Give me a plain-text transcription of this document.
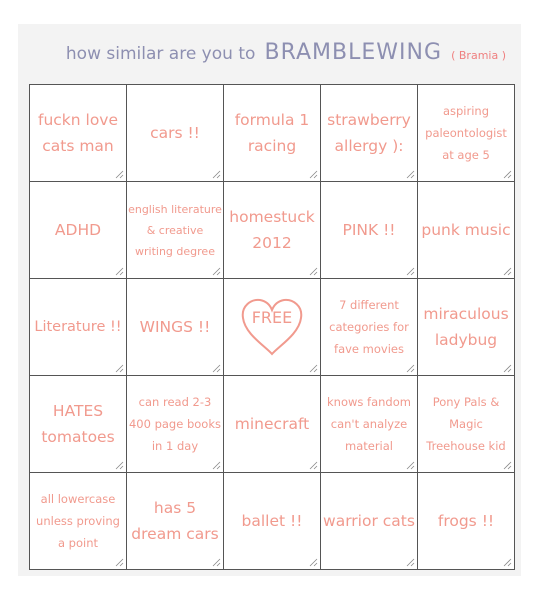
how similar are you to BRAMBLEWING ( Bramia )
fuckn love cats man
cars !!
formula 1 racing
strawberry allergy ):
aspiring paleontologist at age 5
ADHD
english literature & creative writing degree
homestuck 2012
PINK !! punk music
Literature !! WINGS !!	FREE
7 different categories for fave movies
miraculous ladybug
HATES tomatoes
can read 2-3 400 page books in 1 day
minecraft
knows fandom can't analyze material
Pony Pals & Magic Treehouse kid
all lowercase unless proving a point
has 5 dream cars
ballet !! warrior cats frogs !!
